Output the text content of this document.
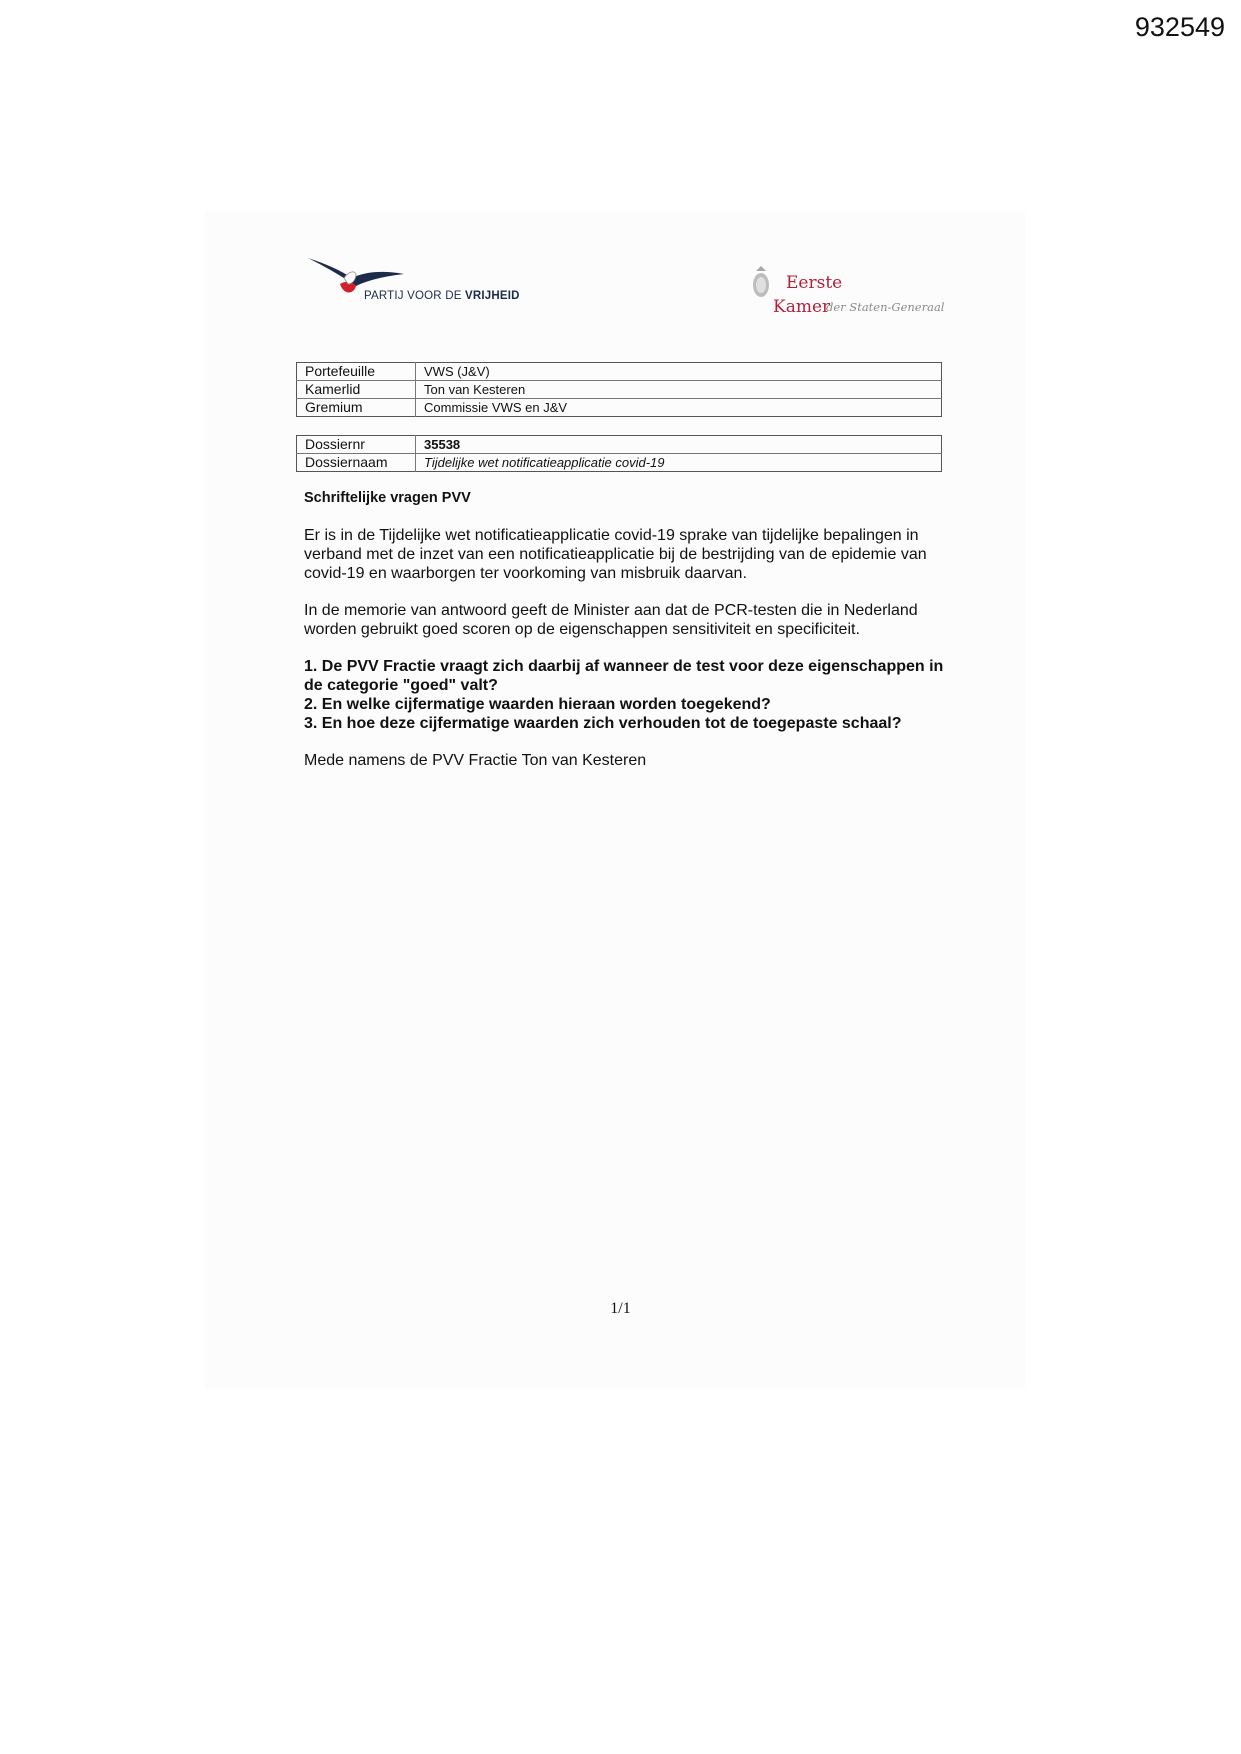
932549
PARTIJ VOOR DE VRIJHEID
Eerste
Kamer
der Staten-Generaal
Portefeuille	VWS (J&V)
Kamerlid	Ton van Kesteren
Gremium	Commissie VWS en J&V
Dossiernr	35538
Dossiernaam	Tijdelijke wet notificatieapplicatie covid-19
Schriftelijke vragen PVV

Er is in de Tijdelijke wet notificatieapplicatie covid-19 sprake van tijdelijke bepalingen in verband met de inzet van een notificatieapplicatie bij de bestrijding van de epidemie van covid-19 en waarborgen ter voorkoming van misbruik daarvan.

In de memorie van antwoord geeft de Minister aan dat de PCR-testen die in Nederland worden gebruikt goed scoren op de eigenschappen sensitiviteit en specificiteit.

1. De PVV Fractie vraagt zich daarbij af wanneer de test voor deze eigenschappen in de categorie "goed" valt?
2. En welke cijfermatige waarden hieraan worden toegekend?
3. En hoe deze cijfermatige waarden zich verhouden tot de toegepaste schaal?

Mede namens de PVV Fractie Ton van Kesteren

1/1
